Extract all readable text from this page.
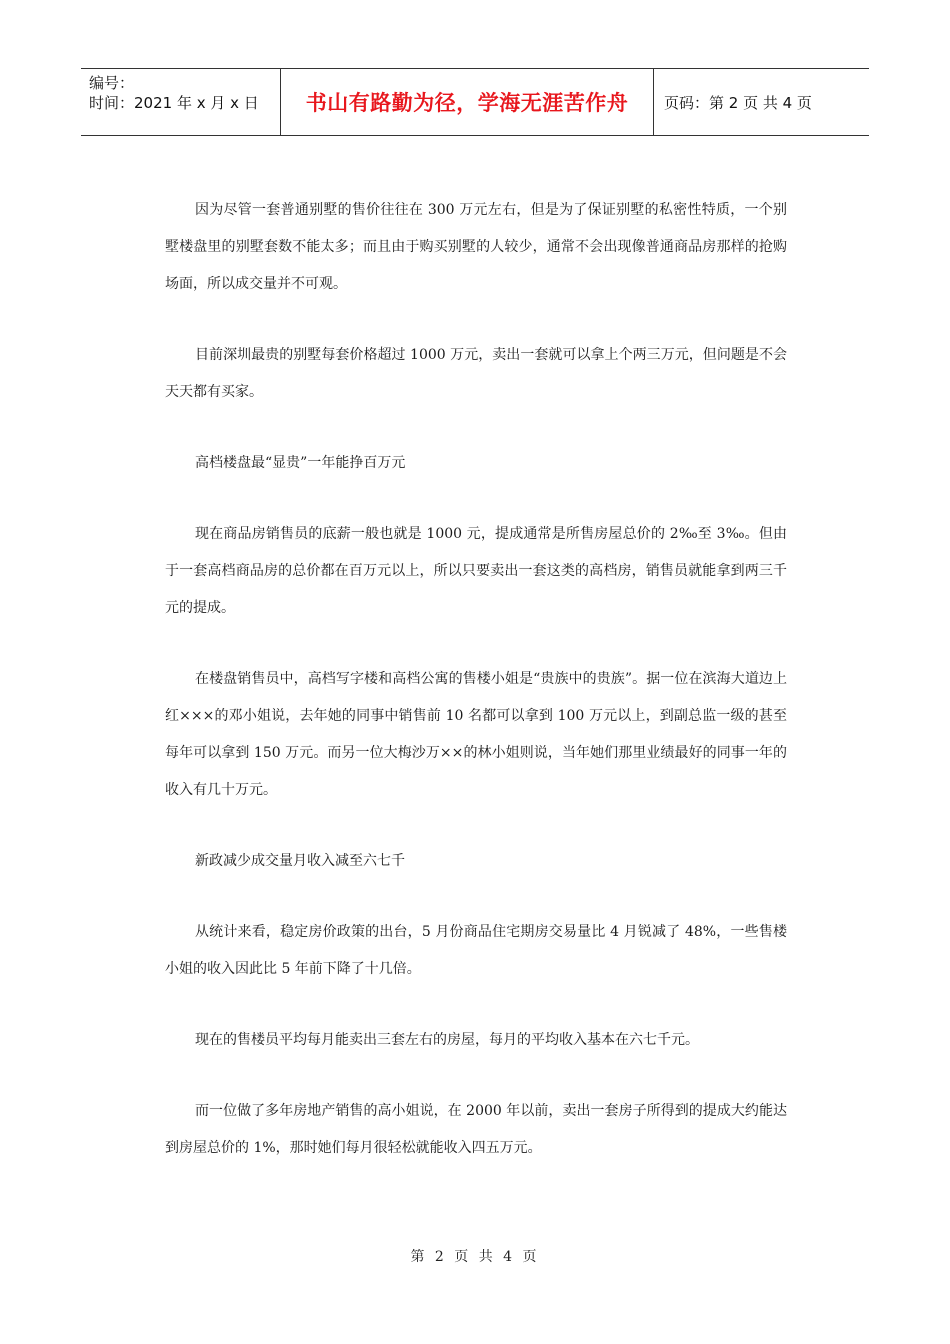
编号：
时间：2021 年 x 月 x 日	书山有路勤为径，学海无涯苦作舟	页码：第 2 页 共 4 页

因为尽管一套普通别墅的售价往往在 300 万元左右，但是为了保证别墅的私密性特质，一个别墅楼盘里的别墅套数不能太多；而且由于购买别墅的人较少，通常不会出现像普通商品房那样的抢购场面，所以成交量并不可观。

目前深圳最贵的别墅每套价格超过 1000 万元，卖出一套就可以拿上个两三万元，但问题是不会天天都有买家。

高档楼盘最“显贵”一年能挣百万元

现在商品房销售员的底薪一般也就是 1000 元，提成通常是所售房屋总价的 2‰至 3‰。但由于一套高档商品房的总价都在百万元以上，所以只要卖出一套这类的高档房，销售员就能拿到两三千元的提成。

在楼盘销售员中，高档写字楼和高档公寓的售楼小姐是“贵族中的贵族”。据一位在滨海大道边上红×××的邓小姐说，去年她的同事中销售前 10 名都可以拿到 100 万元以上，到副总监一级的甚至每年可以拿到 150 万元。而另一位大梅沙万××的林小姐则说，当年她们那里业绩最好的同事一年的收入有几十万元。

新政减少成交量月收入减至六七千

从统计来看，稳定房价政策的出台，5 月份商品住宅期房交易量比 4 月锐减了 48%，一些售楼小姐的收入因此比 5 年前下降了十几倍。

现在的售楼员平均每月能卖出三套左右的房屋，每月的平均收入基本在六七千元。

而一位做了多年房地产销售的高小姐说，在 2000 年以前，卖出一套房子所得到的提成大约能达到房屋总价的 1%，那时她们每月很轻松就能收入四五万元。

第 2 页 共 4 页
